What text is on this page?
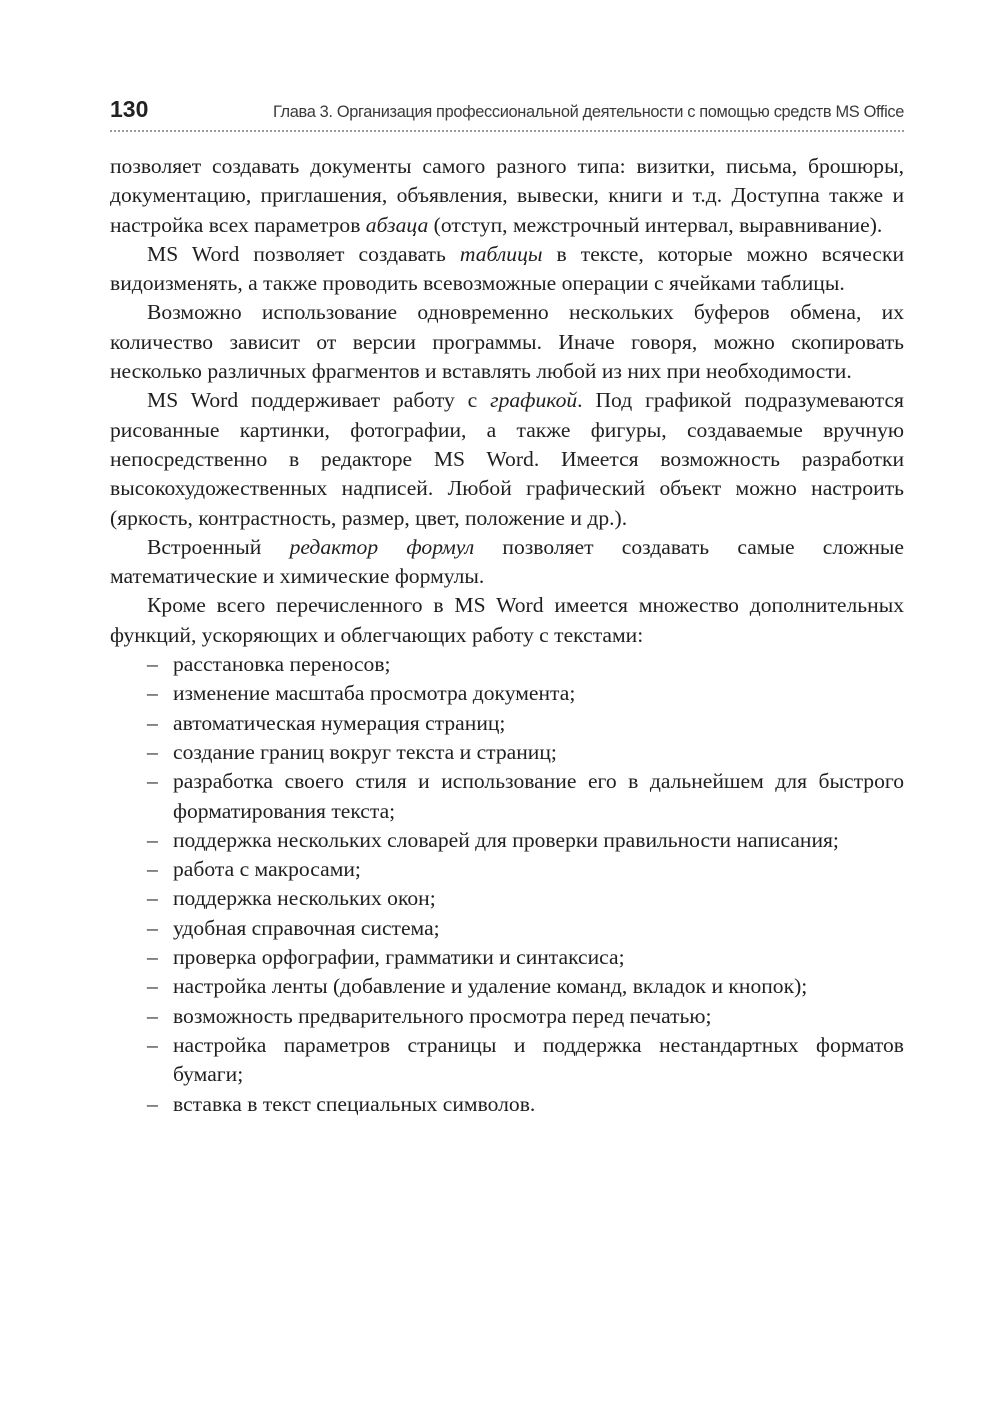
130	Глава 3. Организация профессиональной деятельности с помощью средств MS Office

позволяет создавать документы самого разного типа: визитки, письма, брошюры, документацию, приглашения, объявления, вывески, книги и т.д. Доступна также и настройка всех параметров абзаца (отступ, межстрочный интервал, выравнивание).

MS Word позволяет создавать таблицы в тексте, которые можно всячески видоизменять, а также проводить всевозможные операции с ячейками таблицы.

Возможно использование одновременно нескольких буферов обмена, их количество зависит от версии программы. Иначе говоря, можно скопировать несколько различных фрагментов и вставлять любой из них при необходимости.

MS Word поддерживает работу с графикой. Под графикой подразумеваются рисованные картинки, фотографии, а также фигуры, создаваемые вручную непосредственно в редакторе MS Word. Имеется возможность разработки высокохудожественных надписей. Любой графический объект можно настроить (яркость, контрастность, размер, цвет, положение и др.).

Встроенный редактор формул позволяет создавать самые сложные математические и химические формулы.

Кроме всего перечисленного в MS Word имеется множество дополнительных функций, ускоряющих и облегчающих работу с текстами:

– расстановка переносов;
– изменение масштаба просмотра документа;
– автоматическая нумерация страниц;
– создание границ вокруг текста и страниц;
– разработка своего стиля и использование его в дальнейшем для быстрого форматирования текста;
– поддержка нескольких словарей для проверки правильности написания;
– работа с макросами;
– поддержка нескольких окон;
– удобная справочная система;
– проверка орфографии, грамматики и синтаксиса;
– настройка ленты (добавление и удаление команд, вкладок и кнопок);
– возможность предварительного просмотра перед печатью;
– настройка параметров страницы и поддержка нестандартных форматов бумаги;
– вставка в текст специальных символов.
